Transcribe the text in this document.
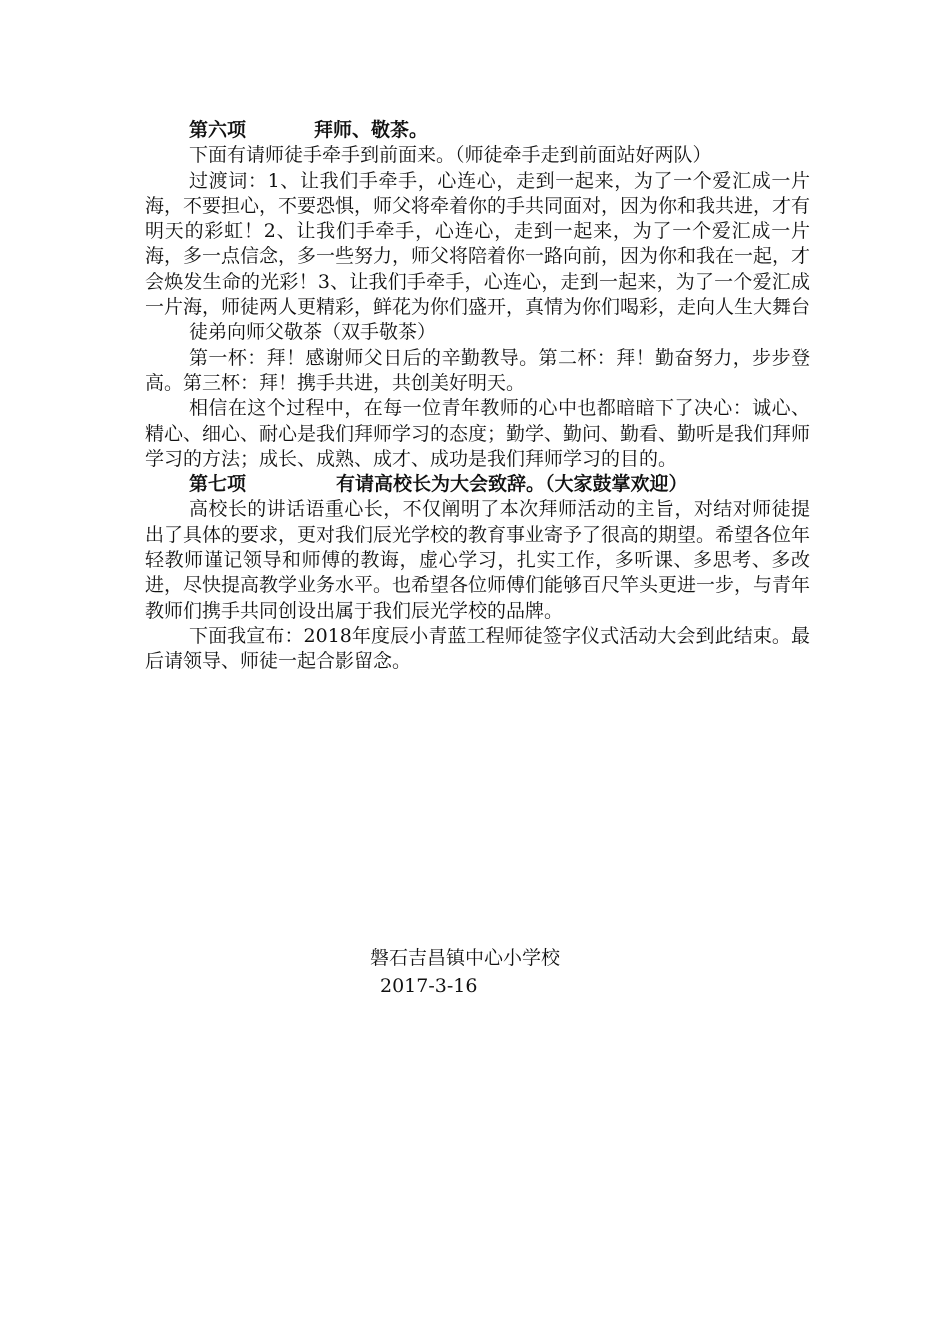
第六项	拜师、敬茶。

下面有请师徒手牵手到前面来。（师徒牵手走到前面站好两队）

过渡词：1、让我们手牵手，心连心，走到一起来，为了一个爱汇成一片海，不要担心，不要恐惧，师父将牵着你的手共同面对，因为你和我共进，才有明天的彩虹！2、让我们手牵手，心连心，走到一起来，为了一个爱汇成一片海，多一点信念，多一些努力，师父将陪着你一路向前，因为你和我在一起，才会焕发生命的光彩！3、让我们手牵手，心连心，走到一起来，为了一个爱汇成一片海，师徒两人更精彩，鲜花为你们盛开，真情为你们喝彩，走向人生大舞台

徒弟向师父敬茶（双手敬茶）

第一杯：拜！感谢师父日后的辛勤教导。第二杯：拜！勤奋努力，步步登高。第三杯：拜！携手共进，共创美好明天。

相信在这个过程中，在每一位青年教师的心中也都暗暗下了决心：诚心、精心、细心、耐心是我们拜师学习的态度；勤学、勤问、勤看、勤听是我们拜师学习的方法；成长、成熟、成才、成功是我们拜师学习的目的。

第七项	有请高校长为大会致辞。（大家鼓掌欢迎）

高校长的讲话语重心长，不仅阐明了本次拜师活动的主旨，对结对师徒提出了具体的要求，更对我们辰光学校的教育事业寄予了很高的期望。希望各位年轻教师谨记领导和师傅的教诲，虚心学习，扎实工作，多听课、多思考、多改进，尽快提高教学业务水平。也希望各位师傅们能够百尺竿头更进一步，与青年教师们携手共同创设出属于我们辰光学校的品牌。

下面我宣布：2018年度辰小青蓝工程师徒签字仪式活动大会到此结束。最后请领导、师徒一起合影留念。

磐石吉昌镇中心小学校
2017-3-16
